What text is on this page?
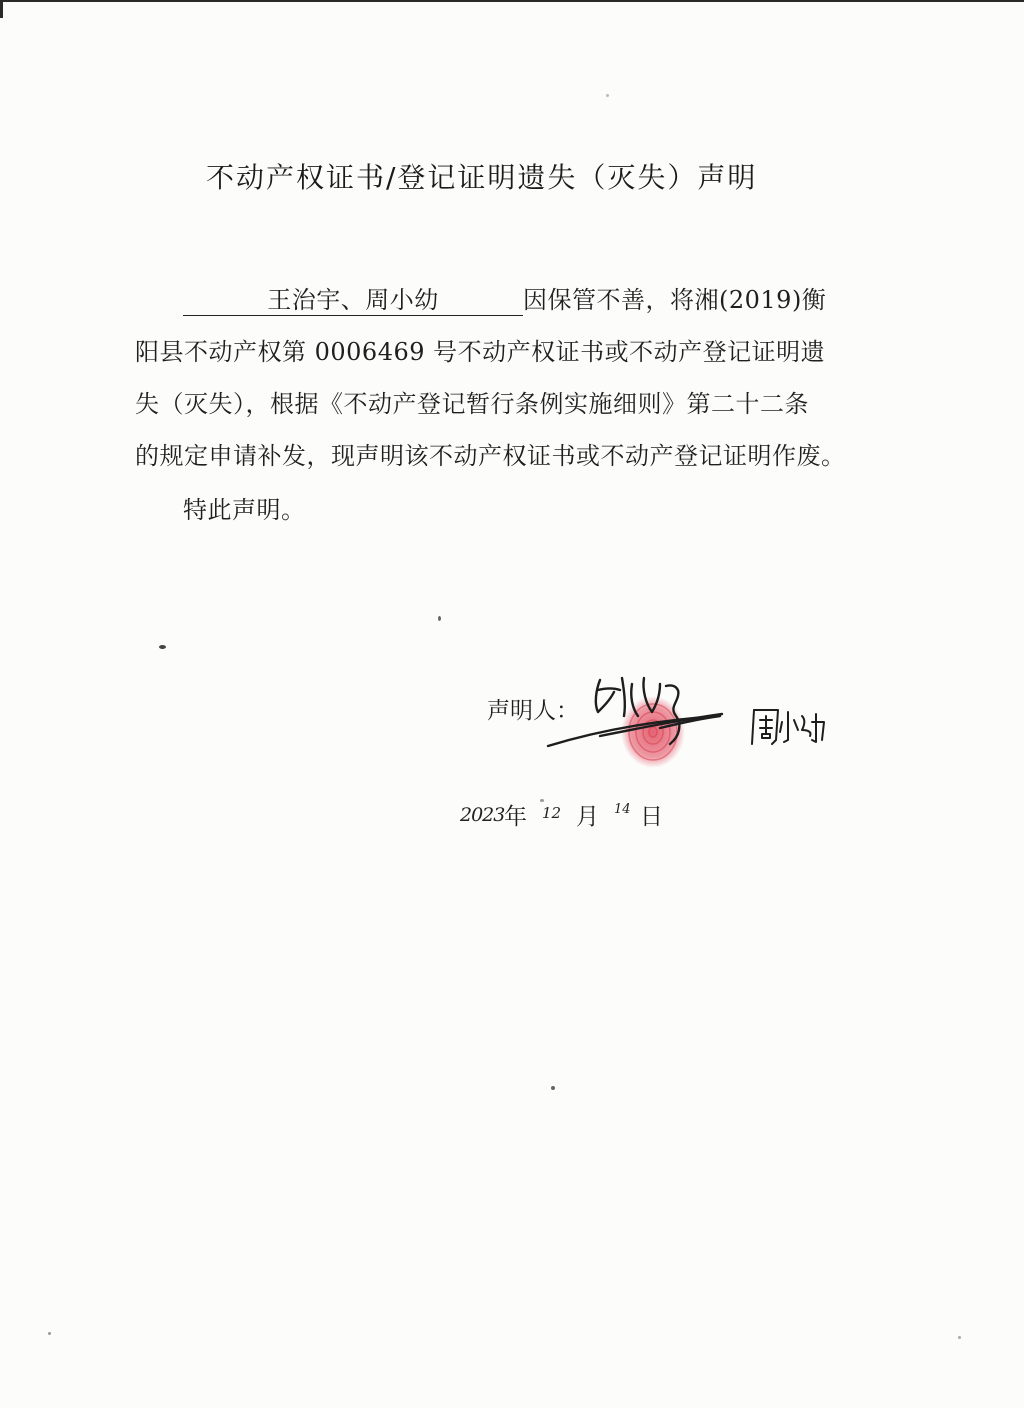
不动产权证书/登记证明遗失（灭失）声明
王治宇、周小幼	因保管不善，将湘(2019)衡
阳县不动产权第 0006469 号不动产权证书或不动产登记证明遗
失（灭失），根据《不动产登记暂行条例实施细则》第二十二条
的规定申请补发，现声明该不动产权证书或不动产登记证明作废。
特此声明。
声明人：
2023 年 12 月 14 日
